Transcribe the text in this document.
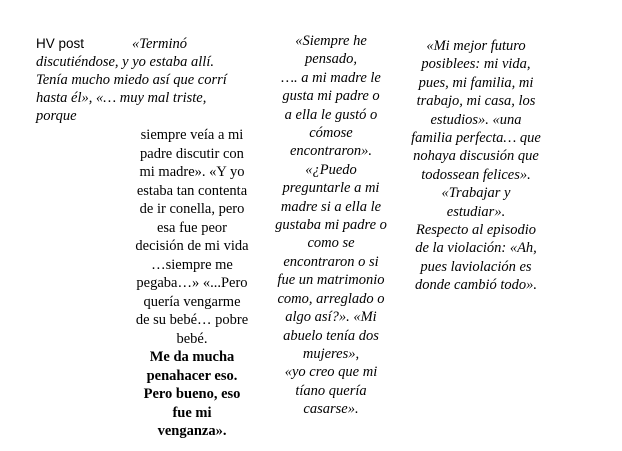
HV post	«Terminó
discutiéndose, y yo estaba allí.
Tenía mucho miedo así que corrí
hasta él», «… muy mal triste,
porque
siempre veía a mi
padre discutir con
mi madre». «Y yo
estaba tan contenta
de ir conella, pero
esa fue peor
decisión de mi vida
…siempre me
pegaba…» «...Pero
quería vengarme
de su bebé… pobre
bebé.
Me da mucha
penahacer eso.
Pero bueno, eso
fue mi
venganza».
«Siempre he
pensado,
…. a mi madre le
gusta mi padre o
a ella le gustó o
cómose
encontraron».
«¿Puedo
preguntarle a mi
madre si a ella le
gustaba mi padre o
como se
encontraron o si
fue un matrimonio
como, arreglado o
algo así?». «Mi
abuelo tenía dos
mujeres»,
«yo creo que mi
tíano quería
casarse».
«Mi mejor futuro
posiblees: mi vida,
pues, mi familia, mi
trabajo, mi casa, los
estudios». «una
familia perfecta… que
nohaya discusión que
todossean felices».
«Trabajar y
estudiar».
Respecto al episodio
de la violación: «Ah,
pues laviolación es
donde cambió todo».
